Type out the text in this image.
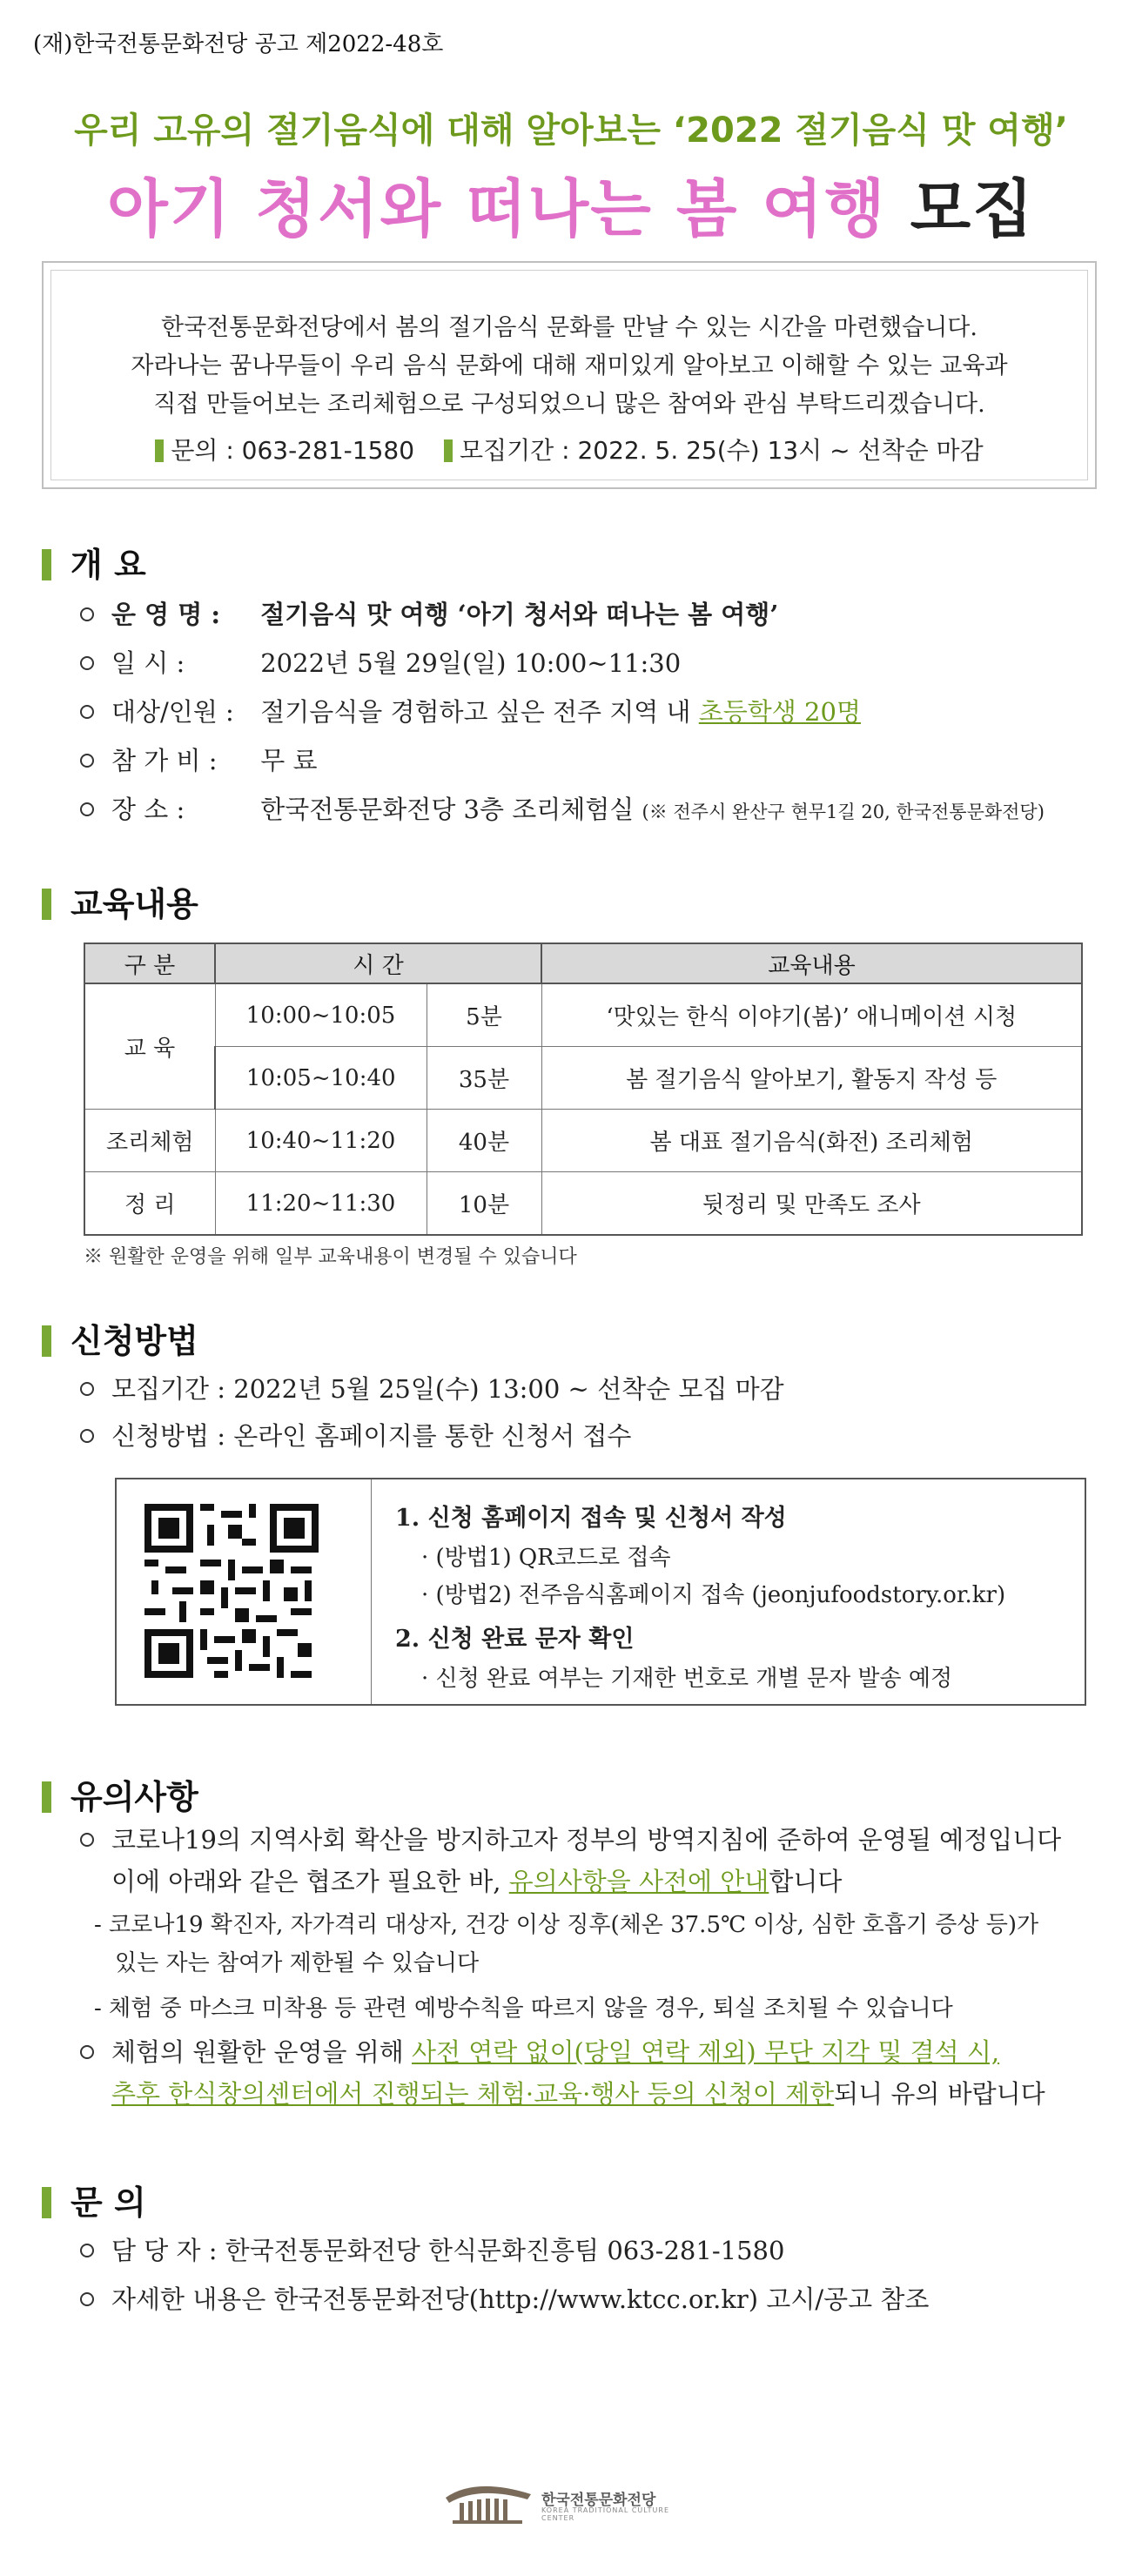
(재)한국전통문화전당 공고 제2022-48호
우리 고유의 절기음식에 대해 알아보는 ‘2022 절기음식 맛 여행’
아기 청서와 떠나는 봄 여행 모집
한국전통문화전당에서 봄의 절기음식 문화를 만날 수 있는 시간을 마련했습니다.
자라나는 꿈나무들이 우리 음식 문화에 대해 재미있게 알아보고 이해할 수 있는 교육과
직접 만들어보는 조리체험으로 구성되었으니 많은 참여와 관심 부탁드리겠습니다.
문의 : 063-281-1580 모집기간 : 2022. 5. 25(수) 13시 ~ 선착순 마감
개 요
운 영 명 : 절기음식 맛 여행 ‘아기 청서와 떠나는 봄 여행’
일 시 :	2022년 5월 29일(일) 10:00~11:30
대상/인원 : 절기음식을 경험하고 싶은 전주 지역 내 초등학생 20명
참 가 비 : 무 료
장 소 :	한국전통문화전당 3층 조리체험실 (※ 전주시 완산구 현무1길 20, 한국전통문화전당)
교육내용
구 분	시 간		교육내용
교 육	10:00~10:05	5분	‘맛있는 한식 이야기(봄)’ 애니메이션 시청
	10:05~10:40	35분	봄 절기음식 알아보기, 활동지 작성 등
조리체험	10:40~11:20	40분	봄 대표 절기음식(화전) 조리체험
정 리	11:20~11:30	10분	뒷정리 및 만족도 조사
※ 원활한 운영을 위해 일부 교육내용이 변경될 수 있습니다
신청방법
모집기간 : 2022년 5월 25일(수) 13:00 ~ 선착순 모집 마감
신청방법 : 온라인 홈페이지를 통한 신청서 접수
1. 신청 홈페이지 접속 및 신청서 작성
· (방법1) QR코드로 접속
· (방법2) 전주음식홈페이지 접속 (jeonjufoodstory.or.kr)
2. 신청 완료 문자 확인
· 신청 완료 여부는 기재한 번호로 개별 문자 발송 예정
유의사항
코로나19의 지역사회 확산을 방지하고자 정부의 방역지침에 준하여 운영될 예정입니다
이에 아래와 같은 협조가 필요한 바, 유의사항을 사전에 안내합니다
- 코로나19 확진자, 자가격리 대상자, 건강 이상 징후(체온 37.5℃ 이상, 심한 호흡기 증상 등)가
있는 자는 참여가 제한될 수 있습니다
- 체험 중 마스크 미착용 등 관련 예방수칙을 따르지 않을 경우, 퇴실 조치될 수 있습니다
체험의 원활한 운영을 위해 사전 연락 없이(당일 연락 제외) 무단 지각 및 결석 시,
추후 한식창의센터에서 진행되는 체험·교육·행사 등의 신청이 제한되니 유의 바랍니다
문 의
담 당 자 : 한국전통문화전당 한식문화진흥팀 063-281-1580
자세한 내용은 한국전통문화전당(http://www.ktcc.or.kr) 고시/공고 참조
한국전통문화전당
KOREA TRADITIONAL CULTURE CENTER
